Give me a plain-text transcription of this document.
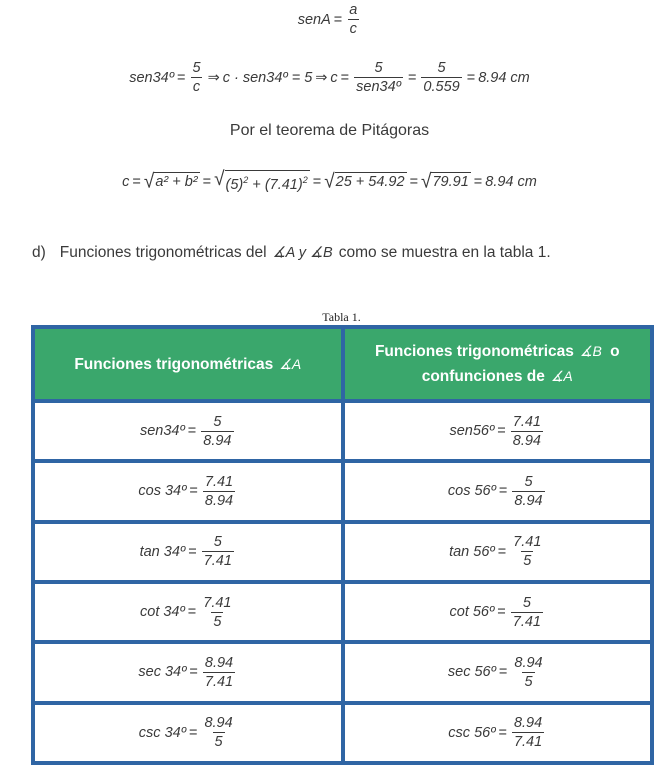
senA = $\frac{a}{c}$
sen34º = $\frac{5}{c}$ ⇒ c · sen34º = 5 ⇒ $c = \frac{5}{\text{sen34º}} = \frac{5}{0.559} = 8.94$ cm
Por el teorema de Pitágoras
c = √ a² + b² = √ $(5)^2 + (7.41)^2$ = √ 25 + 54.92 = √ 79.91 = 8.94 cm
d) Funciones trigonométricas del ∡A y ∡B como se muestra en la tabla 1.
Tabla 1.
Funciones trigonométricas ∡A	Funciones trigonométricas ∡B o
confunciones de ∡A

sen34º = $\frac{5}{8.94}$	sen56º = $\frac{7.41}{8.94}$

cos 34º = $\frac{7.41}{8.94}$	cos 56º = $\frac{5}{8.94}$

tan 34º = $\frac{5}{7.41}$	tan 56º = $\frac{7.41}{5}$

cot 34º = $\frac{7.41}{5}$	cot 56º = $\frac{5}{7.41}$

sec 34º = $\frac{8.94}{7.41}$	sec 56º = $\frac{8.94}{5}$

csc 34º = $\frac{8.94}{5}$	csc 56º = $\frac{8.94}{7.41}$
